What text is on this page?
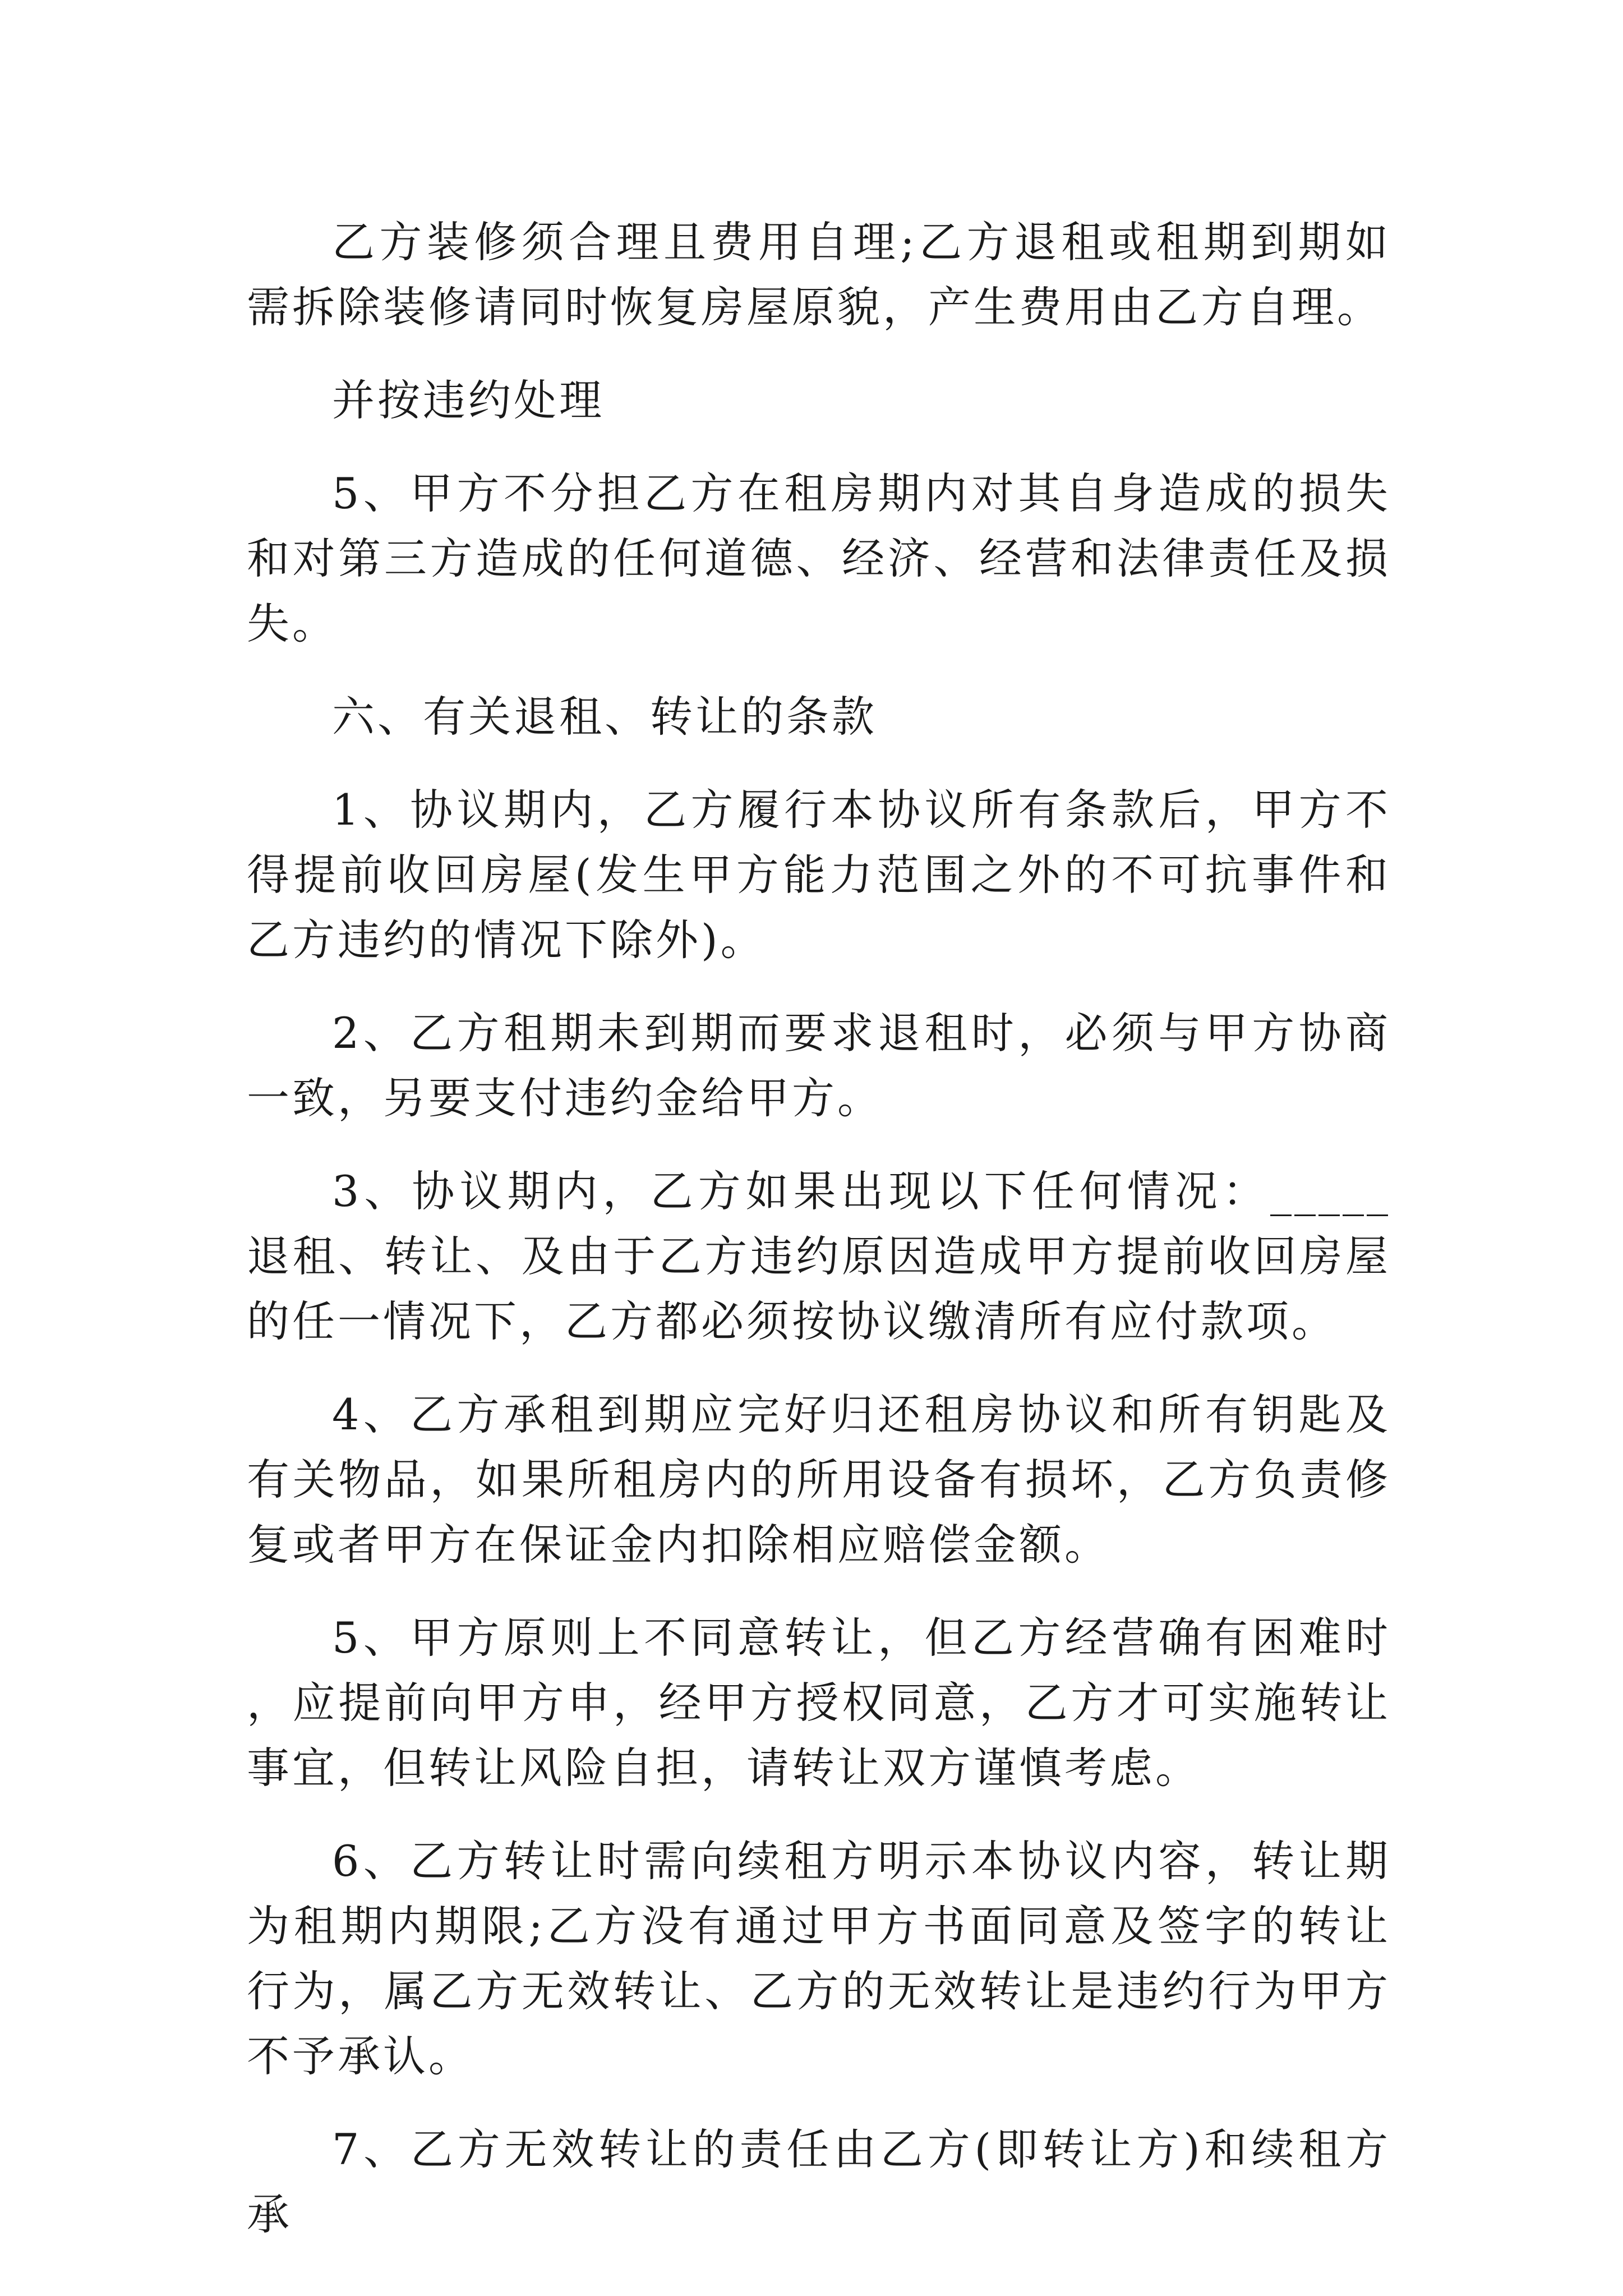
乙方装修须合理且费用自理;乙方退租或租期到期如需拆除装修请同时恢复房屋原貌，产生费用由乙方自理。

并按违约处理

5、甲方不分担乙方在租房期内对其自身造成的损失和对第三方造成的任何道德、经济、经营和法律责任及损失。

六、有关退租、转让的条款

1、协议期内，乙方履行本协议所有条款后，甲方不得提前收回房屋(发生甲方能力范围之外的不可抗事件和乙方违约的情况下除外)。

2、乙方租期未到期而要求退租时，必须与甲方协商一致，另要支付违约金给甲方。

3、协议期内，乙方如果出现以下任何情况：_____退租、转让、及由于乙方违约原因造成甲方提前收回房屋的任一情况下，乙方都必须按协议缴清所有应付款项。

4、乙方承租到期应完好归还租房协议和所有钥匙及有关物品，如果所租房内的所用设备有损坏，乙方负责修复或者甲方在保证金内扣除相应赔偿金额。

5、甲方原则上不同意转让，但乙方经营确有困难时，应提前向甲方申，经甲方授权同意，乙方才可实施转让事宜，但转让风险自担，请转让双方谨慎考虑。

6、乙方转让时需向续租方明示本协议内容，转让期为租期内期限;乙方没有通过甲方书面同意及签字的转让行为，属乙方无效转让、乙方的无效转让是违约行为甲方不予承认。

7、乙方无效转让的责任由乙方(即转让方)和续租方承
